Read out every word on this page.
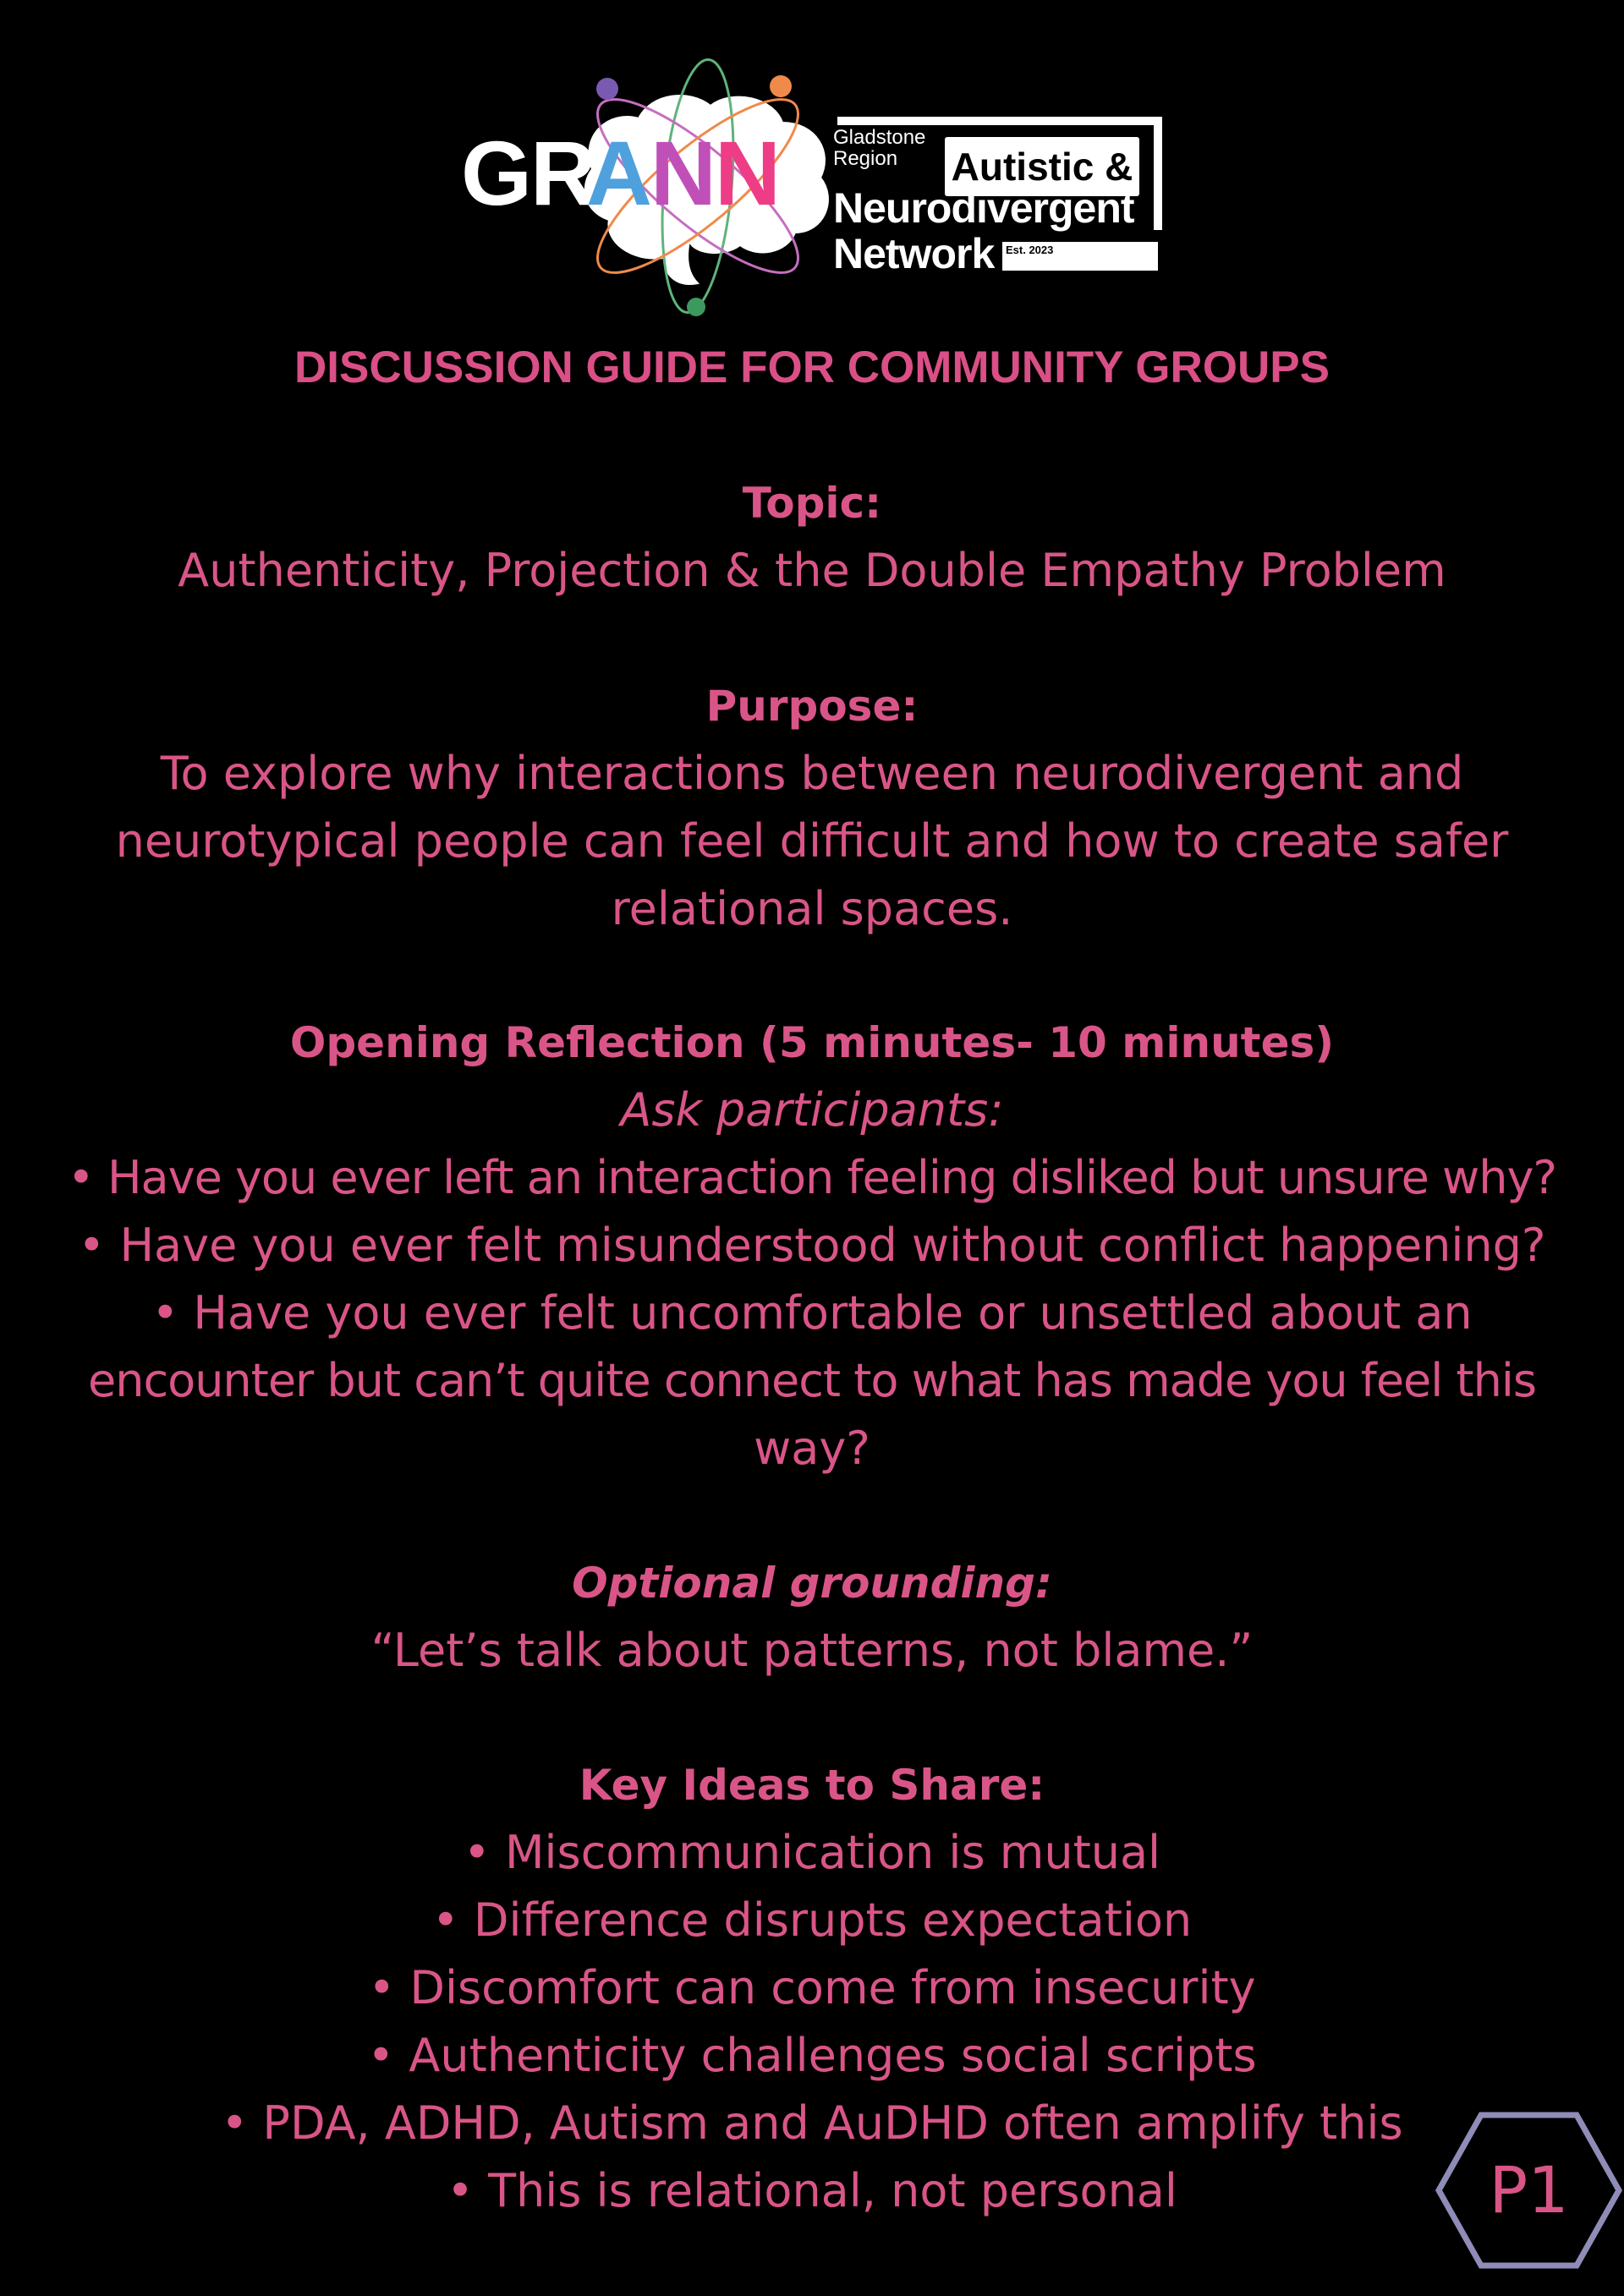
GR
ANN Inc.
Gladstone Region	Autistic &
Neurodivergent
Network Est. 2023
DISCUSSION GUIDE FOR COMMUNITY GROUPS
Topic:
Authenticity, Projection & the Double Empathy Problem
Purpose:
To explore why interactions between neurodivergent and
neurotypical people can feel difficult and how to create safer
relational spaces.
Opening Reflection (5 minutes- 10 minutes)
Ask participants:
• Have you ever left an interaction feeling disliked but unsure why?
• Have you ever felt misunderstood without conflict happening?
• Have you ever felt uncomfortable or unsettled about an
encounter but can’t quite connect to what has made you feel this
way?
Optional grounding:
“Let’s talk about patterns, not blame.”
Key Ideas to Share:
• Miscommunication is mutual
• Difference disrupts expectation
• Discomfort can come from insecurity
• Authenticity challenges social scripts
• PDA, ADHD, Autism and AuDHD often amplify this
• This is relational, not personal	P1
